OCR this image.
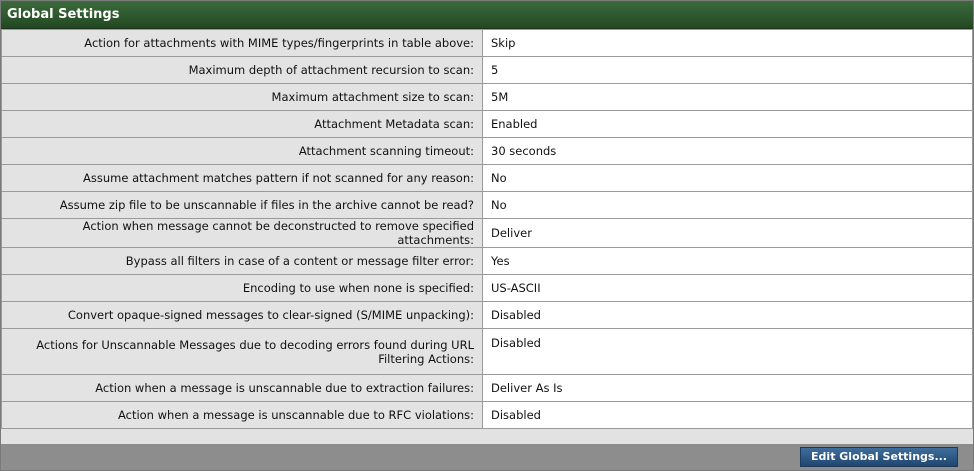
Global Settings
Action for attachments with MIME types/fingerprints in table above:	Skip
Maximum depth of attachment recursion to scan:	5
Maximum attachment size to scan:	5M
Attachment Metadata scan:	Enabled
Attachment scanning timeout:	30 seconds
Assume attachment matches pattern if not scanned for any reason:	No
Assume zip file to be unscannable if files in the archive cannot be read?	No
Action when message cannot be deconstructed to remove specified attachments:	Deliver
Bypass all filters in case of a content or message filter error:	Yes
Encoding to use when none is specified:	US-ASCII
Convert opaque-signed messages to clear-signed (S/MIME unpacking):	Disabled
Actions for Unscannable Messages due to decoding errors found during URL Filtering Actions:	Disabled
Action when a message is unscannable due to extraction failures:	Deliver As Is
Action when a message is unscannable due to RFC violations:	Disabled
Edit Global Settings...
